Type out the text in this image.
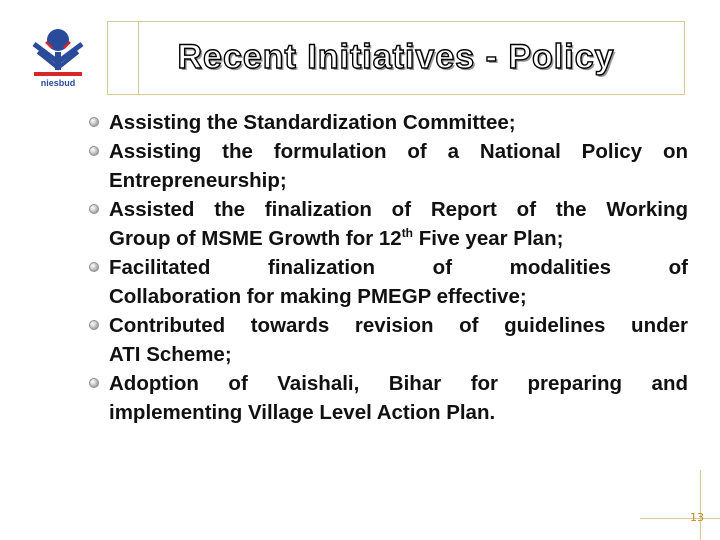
niesbud
Recent Initiatives - Policy
Assisting the Standardization Committee;
Assisting the formulation of a National Policy on
Entrepreneurship;
Assisted the finalization of Report of the Working
Group of MSME Growth for 12th Five year Plan;
Facilitated finalization of modalities of
Collaboration for making PMEGP effective;
Contributed towards revision of guidelines under
ATI Scheme;
Adoption of Vaishali, Bihar for preparing and
implementing Village Level Action Plan.
13
